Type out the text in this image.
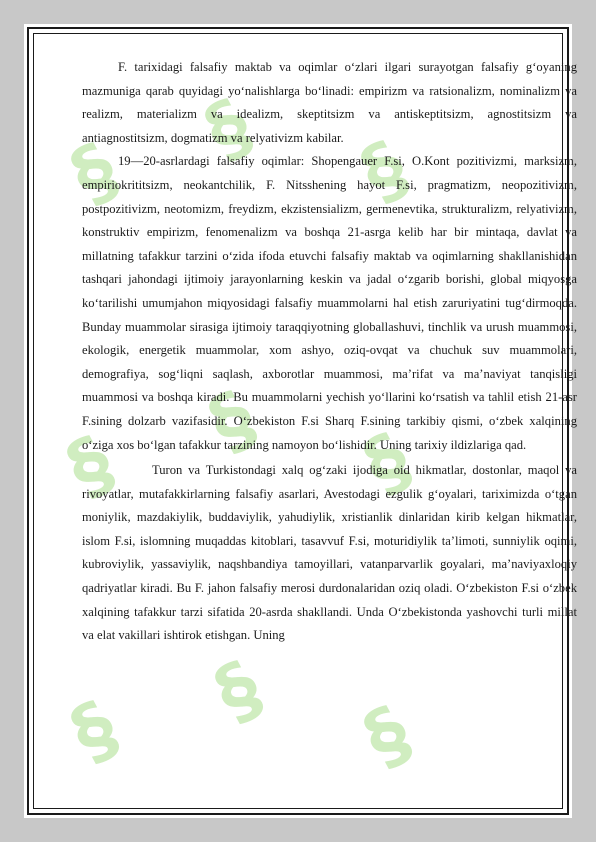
§ § §
§ § §
§ § §

F. tarixidagi falsafiy maktab va oqimlar o‘zlari ilgari surayotgan falsafiy g‘oyaning mazmuniga qarab quyidagi yo‘nalishlarga bo‘linadi: empirizm va ratsionalizm, nominalizm va realizm, materializm va idealizm, skeptitsizm va antiskeptitsizm, agnostitsizm va antiagnostitsizm, dogmatizm va relyativizm kabilar.

19—20-asrlardagi falsafiy oqimlar: Shopengauer F.si, O.Kont pozitivizmi, marksizm, empiriokrititsizm, neokantchilik, F. Nitsshening hayot F.si, pragmatizm, neopozitivizm, postpozitivizm, neotomizm, freydizm, ekzistensializm, germenevtika, strukturalizm, relyativizm, konstruktiv empirizm, fenomenalizm va boshqa 21-asrga kelib har bir mintaqa, davlat va millatning tafakkur tarzini o‘zida ifoda etuvchi falsafiy maktab va oqimlarning shakllanishidan tashqari jahondagi ijtimoiy jarayonlarning keskin va jadal o‘zgarib borishi, global miqyosga ko‘tarilishi umumjahon miqyosidagi falsafiy muammolarni hal etish zaruriyatini tug‘dirmoqda. Bunday muammolar sirasiga ijtimoiy taraqqiyotning globallashuvi, tinchlik va urush muammosi, ekologik, energetik muammolar, xom ashyo, oziq-ovqat va chuchuk suv muammolari, demografiya, sog‘liqni saqlash, axborotlar muammosi, ma’rifat va ma’naviyat tanqisligi muammosi va boshqa kiradi. Bu muammolarni yechish yo‘llarini ko‘rsatish va tahlil etish 21-asr F.sining dolzarb vazifasidir. O‘zbekiston F.si Sharq F.sining tarkibiy qismi, o‘zbek xalqining o‘ziga xos bo‘lgan tafakkur tarzining namoyon bo‘lishidir. Uning tarixiy ildizlariga qad.

Turon va Turkistondagi xalq og‘zaki ijodiga oid hikmatlar, dostonlar, maqol va rivoyatlar, mutafakkirlarning falsafiy asarlari, Avestodagi ezgulik g‘oyalari, tariximizda o‘tgan moniylik, mazdakiylik, buddaviylik, yahudiylik, xristianlik dinlaridan kirib kelgan hikmatlar, islom F.si, islomning muqaddas kitoblari, tasavvuf F.si, moturidiylik ta’limoti, sunniylik oqimi, kubroviylik, yassaviylik, naqshbandiya tamoyillari, vatanparvarlik goyalari, ma’naviyaxloqiy qadriyatlar kiradi. Bu F. jahon falsafiy merosi durdonalaridan oziq oladi. O‘zbekiston F.si o‘zbek xalqining tafakkur tarzi sifatida 20-asrda shakllandi. Unda O‘zbekistonda yashovchi turli millat va elat vakillari ishtirok etishgan. Uning
